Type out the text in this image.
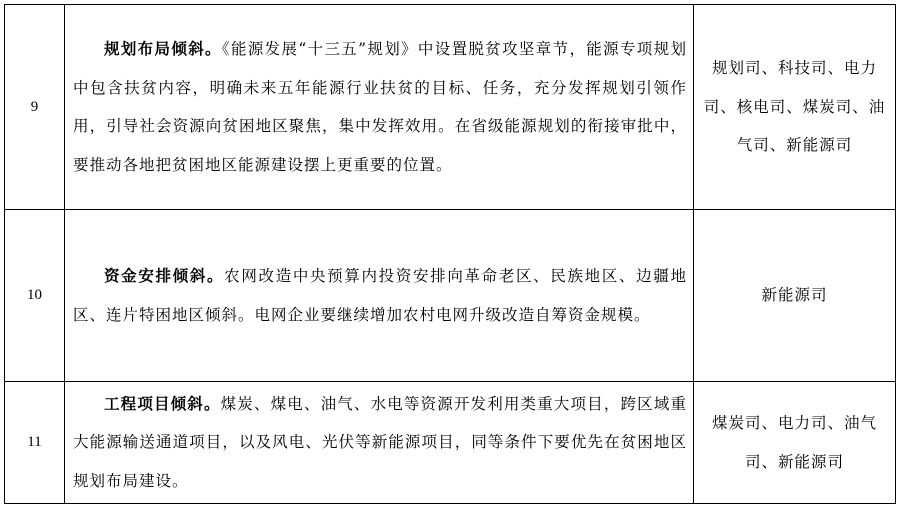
9	规划布局倾斜。《能源发展“十三五”规划》中设置脱贫攻坚章节，能源专项规划中包含扶贫内容，明确未来五年能源行业扶贫的目标、任务，充分发挥规划引领作用，引导社会资源向贫困地区聚焦，集中发挥效用。在省级能源规划的衔接审批中，要推动各地把贫困地区能源建设摆上更重要的位置。	规划司、科技司、电力司、核电司、煤炭司、油气司、新能源司

10	资金安排倾斜。农网改造中央预算内投资安排向革命老区、民族地区、边疆地区、连片特困地区倾斜。电网企业要继续增加农村电网升级改造自筹资金规模。	新能源司

11	工程项目倾斜。煤炭、煤电、油气、水电等资源开发利用类重大项目，跨区域重大能源输送通道项目，以及风电、光伏等新能源项目，同等条件下要优先在贫困地区规划布局建设。	煤炭司、电力司、油气司、新能源司
